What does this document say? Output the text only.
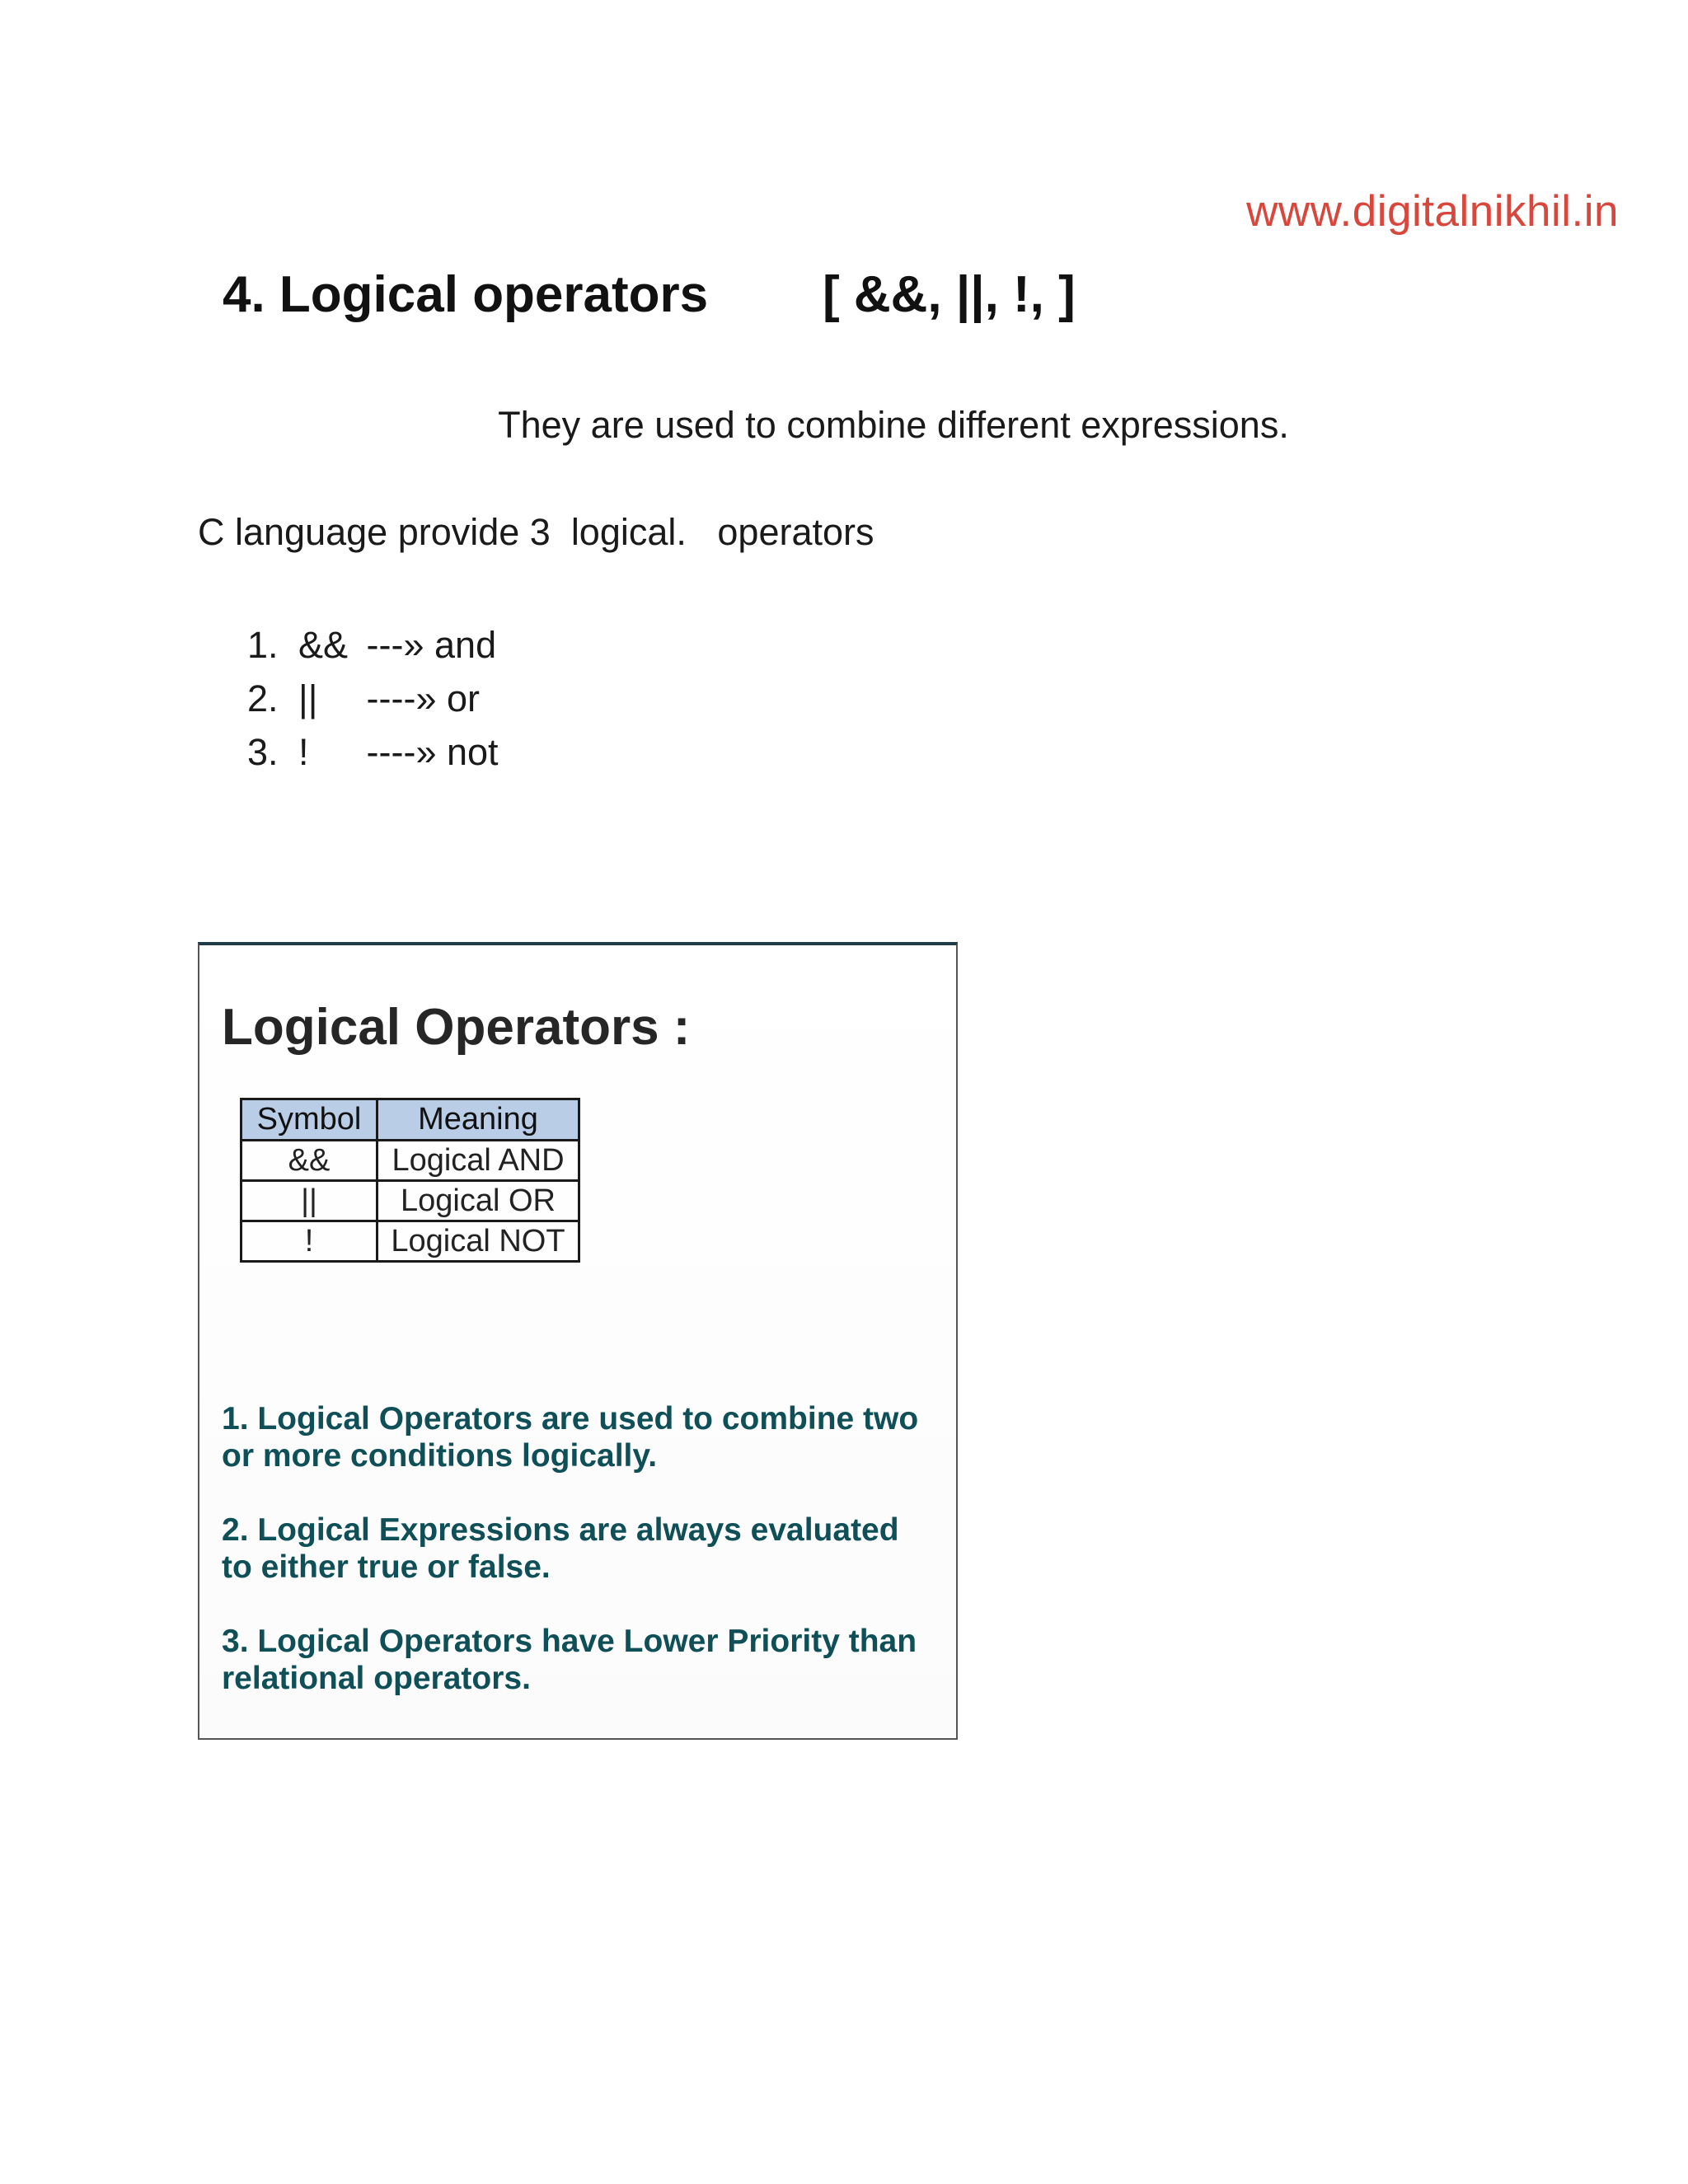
www.digitalnikhil.in
4. Logical operators [ &&, ||, !, ]
They are used to combine different expressions.
C language provide 3  logical.   operators
1. && ---» and
2. || ----» or
3. ! ----» not
Logical Operators :
Symbol	Meaning
&&	Logical AND
||	Logical OR
!	Logical NOT
1. Logical Operators are used to combine two or more conditions logically.
2. Logical Expressions are always evaluated to either true or false.
3. Logical Operators have Lower Priority than relational operators.
